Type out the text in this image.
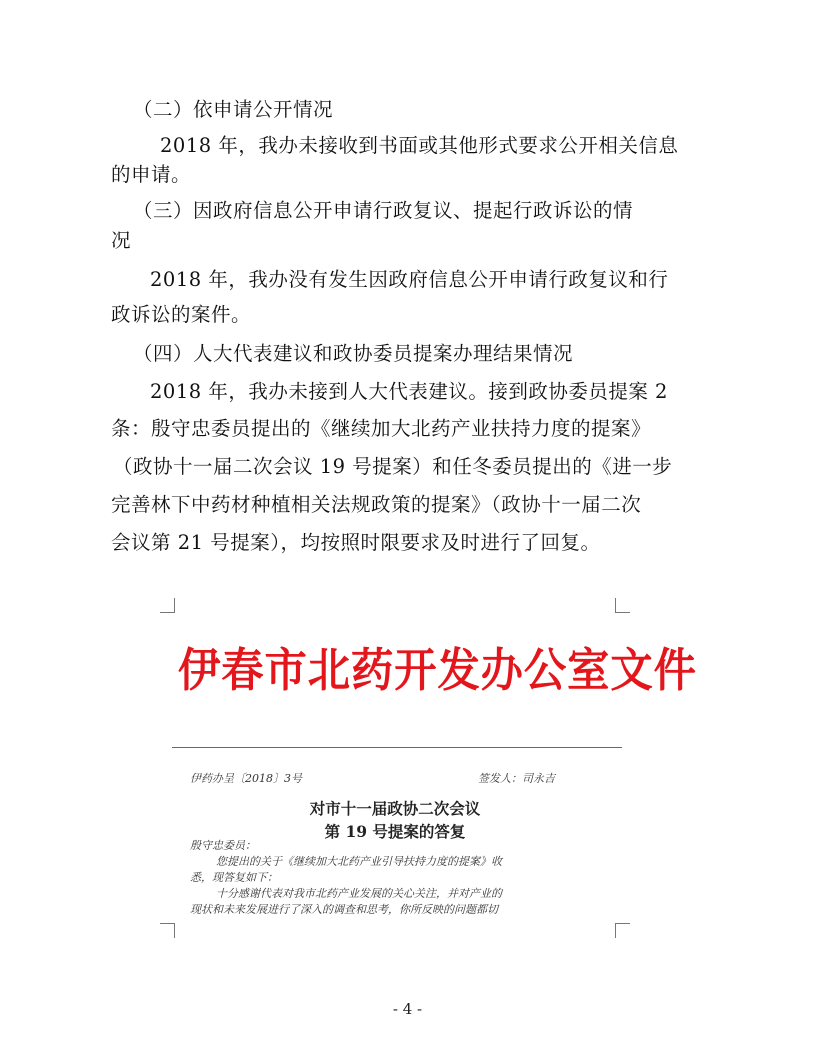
（二）依申请公开情况
2018 年，我办未接收到书面或其他形式要求公开相关信息
的申请。
（三）因政府信息公开申请行政复议、提起行政诉讼的情
况
2018 年，我办没有发生因政府信息公开申请行政复议和行
政诉讼的案件。
（四）人大代表建议和政协委员提案办理结果情况
2018 年，我办未接到人大代表建议。接到政协委员提案 2
条：殷守忠委员提出的《继续加大北药产业扶持力度的提案》
（政协十一届二次会议 19 号提案）和任冬委员提出的《进一步
完善林下中药材种植相关法规政策的提案》（政协十一届二次
会议第 21 号提案），均按照时限要求及时进行了回复。
伊春市北药开发办公室文件
伊药办呈〔2018〕3号	签发人：司永吉
对市十一届政协二次会议
第 19 号提案的答复
殷守忠委员：
您提出的关于《继续加大北药产业引导扶持力度的提案》收
悉，现答复如下：
十分感谢代表对我市北药产业发展的关心关注，并对产业的
现状和未来发展进行了深入的调查和思考，你所反映的问题都切
- 4 -
